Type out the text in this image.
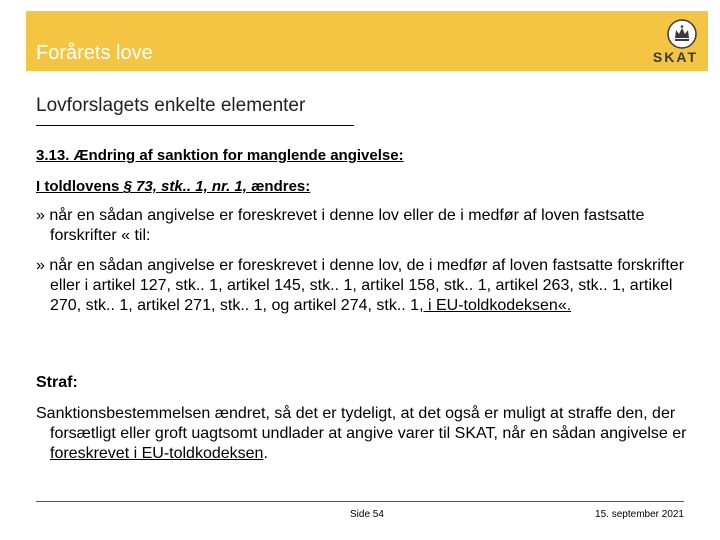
Forårets love	SKAT
Lovforslagets enkelte elementer
3.13. Ændring af sanktion for manglende angivelse:
I toldlovens § 73, stk.. 1, nr. 1, ændres:
» når en sådan angivelse er foreskrevet i denne lov eller de i medfør af loven fastsatte forskrifter « til:
» når en sådan angivelse er foreskrevet i denne lov, de i medfør af loven fastsatte forskrifter eller i artikel 127, stk.. 1, artikel 145, stk.. 1, artikel 158, stk.. 1, artikel 263, stk.. 1, artikel 270, stk.. 1, artikel 271, stk.. 1, og artikel 274, stk.. 1, i EU-toldkodeksen«.
Straf:
Sanktionsbestemmelsen ændret, så det er tydeligt, at det også er muligt at straffe den, der forsætligt eller groft uagtsomt undlader at angive varer til SKAT, når en sådan angivelse er foreskrevet i EU-toldkodeksen.
Side 54	15. september 2021
